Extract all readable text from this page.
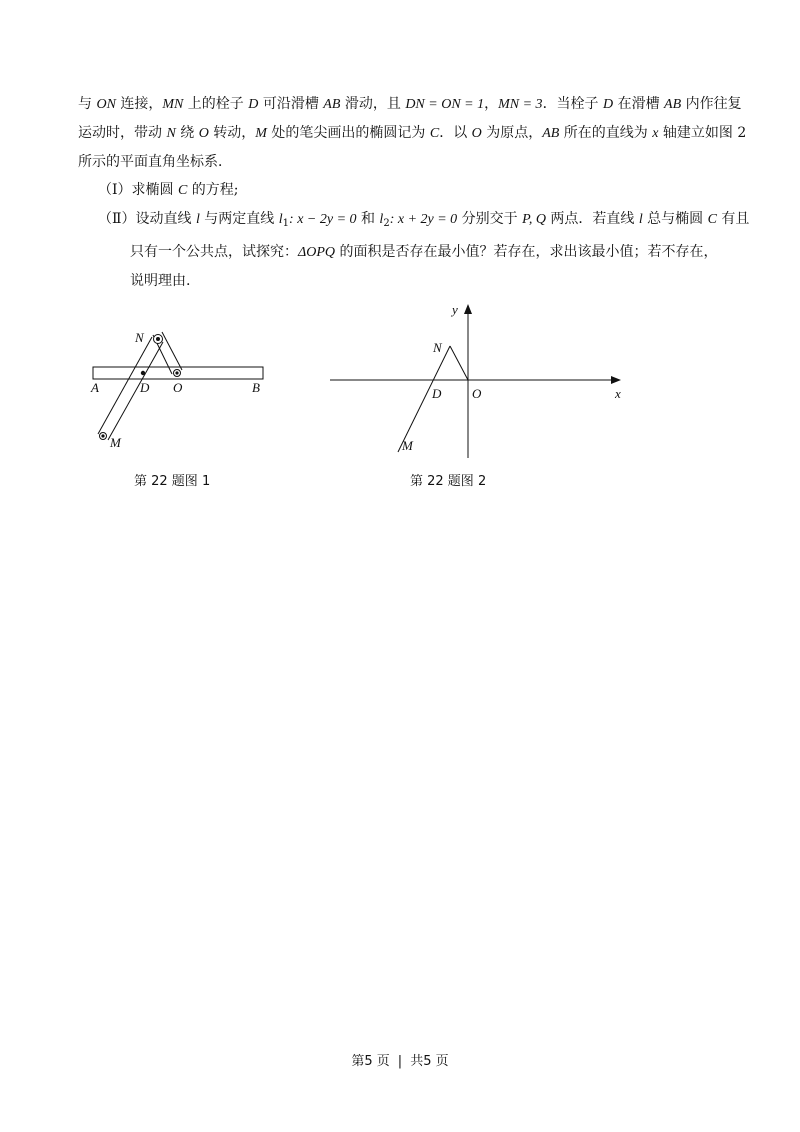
与 ON 连接，MN 上的栓子 D 可沿滑槽 AB 滑动，且 DN = ON = 1，MN = 3．当栓子 D 在滑槽 AB 内作往复
运动时，带动 N 绕 O 转动，M 处的笔尖画出的椭圆记为 C．以 O 为原点，AB 所在的直线为 x 轴建立如图 2
所示的平面直角坐标系．
（Ⅰ）求椭圆 C 的方程;
（Ⅱ）设动直线 l 与两定直线 $l_1$: x − 2y = 0 和 $l_2$: x + 2y = 0 分别交于 P, Q 两点．若直线 l 总与椭圆 C 有且
只有一个公共点，试探究：ΔOPQ 的面积是否存在最小值？若存在，求出该最小值；若不存在，
说明理由.
N
A	D O	B
M
y
N
D O	x
M
第 22 题图 1	第 22 题图 2
第5 页 | 共5 页
